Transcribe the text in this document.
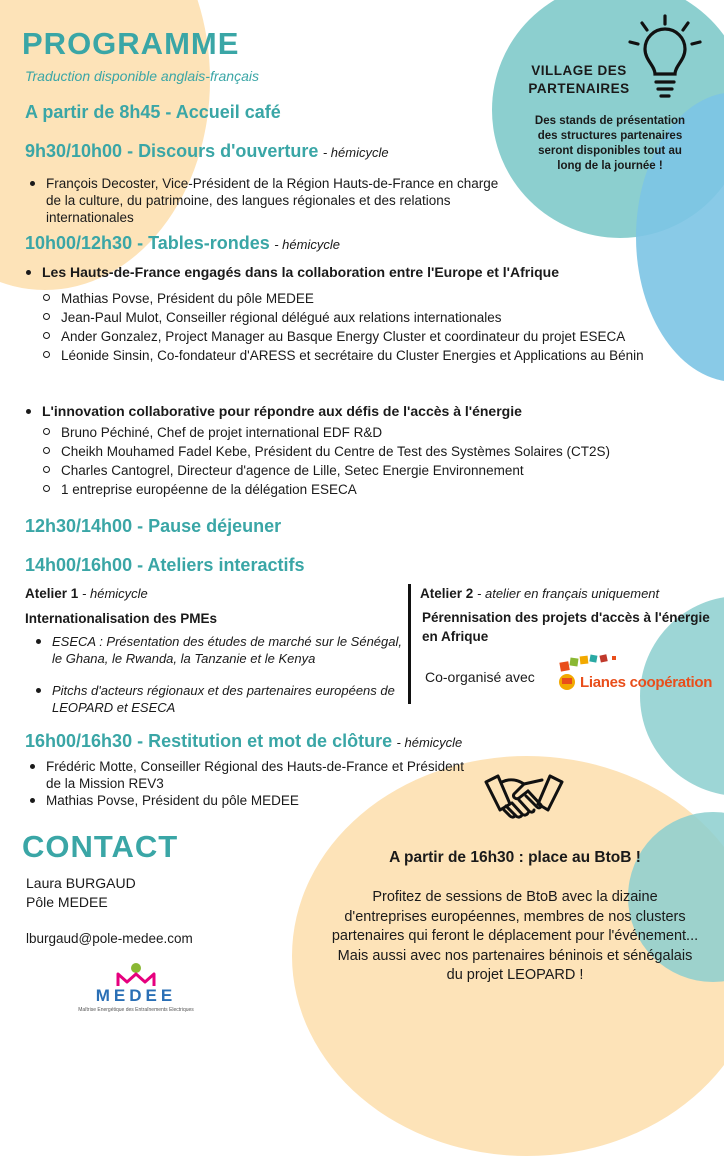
PROGRAMME
Traduction disponible anglais-français
A partir de 8h45 - Accueil café
VILLAGE DES
PARTENAIRES
Des stands de présentation des structures partenaires seront disponibles tout au long de la journée !
9h30/10h00 - Discours d'ouverture - hémicycle
François Decoster, Vice-Président de la Région Hauts-de-France en charge de la culture, du patrimoine, des langues régionales et des relations internationales
10h00/12h30 - Tables-rondes - hémicycle
Les Hauts-de-France engagés dans la collaboration entre l'Europe et l'Afrique
Mathias Povse, Président du pôle MEDEE
Jean-Paul Mulot, Conseiller régional délégué aux relations internationales
Ander Gonzalez, Project Manager au Basque Energy Cluster et coordinateur du projet ESECA
Léonide Sinsin, Co-fondateur d'ARESS et secrétaire du Cluster Energies et Applications au Bénin
L'innovation collaborative pour répondre aux défis de l'accès à l'énergie
Bruno Péchiné, Chef de projet international EDF R&D
Cheikh Mouhamed Fadel Kebe, Président du Centre de Test des Systèmes Solaires (CT2S)
Charles Cantogrel, Directeur d'agence de Lille, Setec Energie Environnement
1 entreprise européenne de la délégation ESECA
12h30/14h00 - Pause déjeuner
14h00/16h00 - Ateliers interactifs
Atelier 1 - hémicycle
Internationalisation des PMEs
ESECA : Présentation des études de marché sur le Sénégal, le Ghana, le Rwanda, la Tanzanie et le Kenya
Pitchs d'acteurs régionaux et des partenaires européens de LEOPARD et ESECA
Atelier 2 - atelier en français uniquement
Pérennisation des projets d'accès à l'énergie en Afrique
Co-organisé avec	Lianes coopération
16h00/16h30 - Restitution et mot de clôture - hémicycle
Frédéric Motte, Conseiller Régional des Hauts-de-France et Président de la Mission REV3
Mathias Povse, Président du pôle MEDEE
CONTACT
Laura BURGAUD
Pôle MEDEE
lburgaud@pole-medee.com
MEDEE
Maîtrise Energétique des Entraînements Electriques
A partir de 16h30 : place au BtoB !
Profitez de sessions de BtoB avec la dizaine d'entreprises européennes, membres de nos clusters partenaires qui feront le déplacement pour l'événement... Mais aussi avec nos partenaires béninois et sénégalais du projet LEOPARD !
